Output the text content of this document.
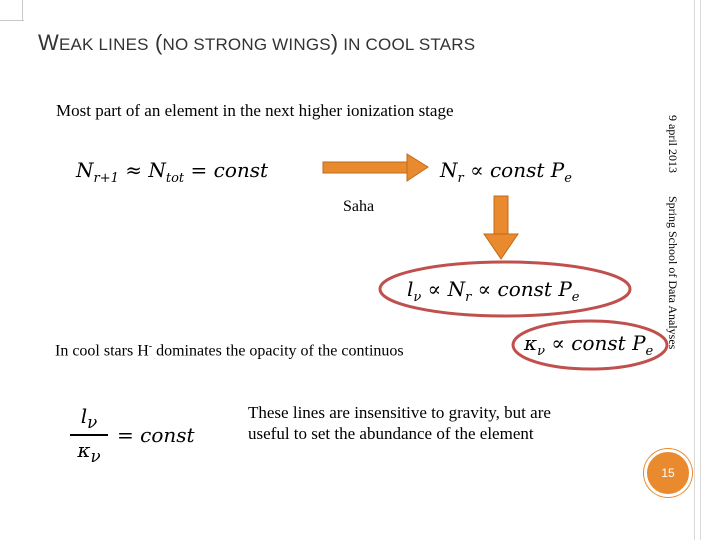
WEAK LINES (NO STRONG WINGS) IN COOL STARS
Most part of an element in the next higher ionization stage
9 april 2013 Spring School of Data Analyses
$N_{r+1} \approx N_{tot}$ = const	$N_r$ ∝ const $P_e$
Saha
$l_\nu \propto N_r$ ∝ const $P_e$
$\kappa_\nu$ ∝ const $P_e$
In cool stars H- dominates the opacity of the continuos
$l_\nu$
$\kappa_\nu$
= const
These lines are insensitive to gravity, but are useful to set the abundance of the element
15
